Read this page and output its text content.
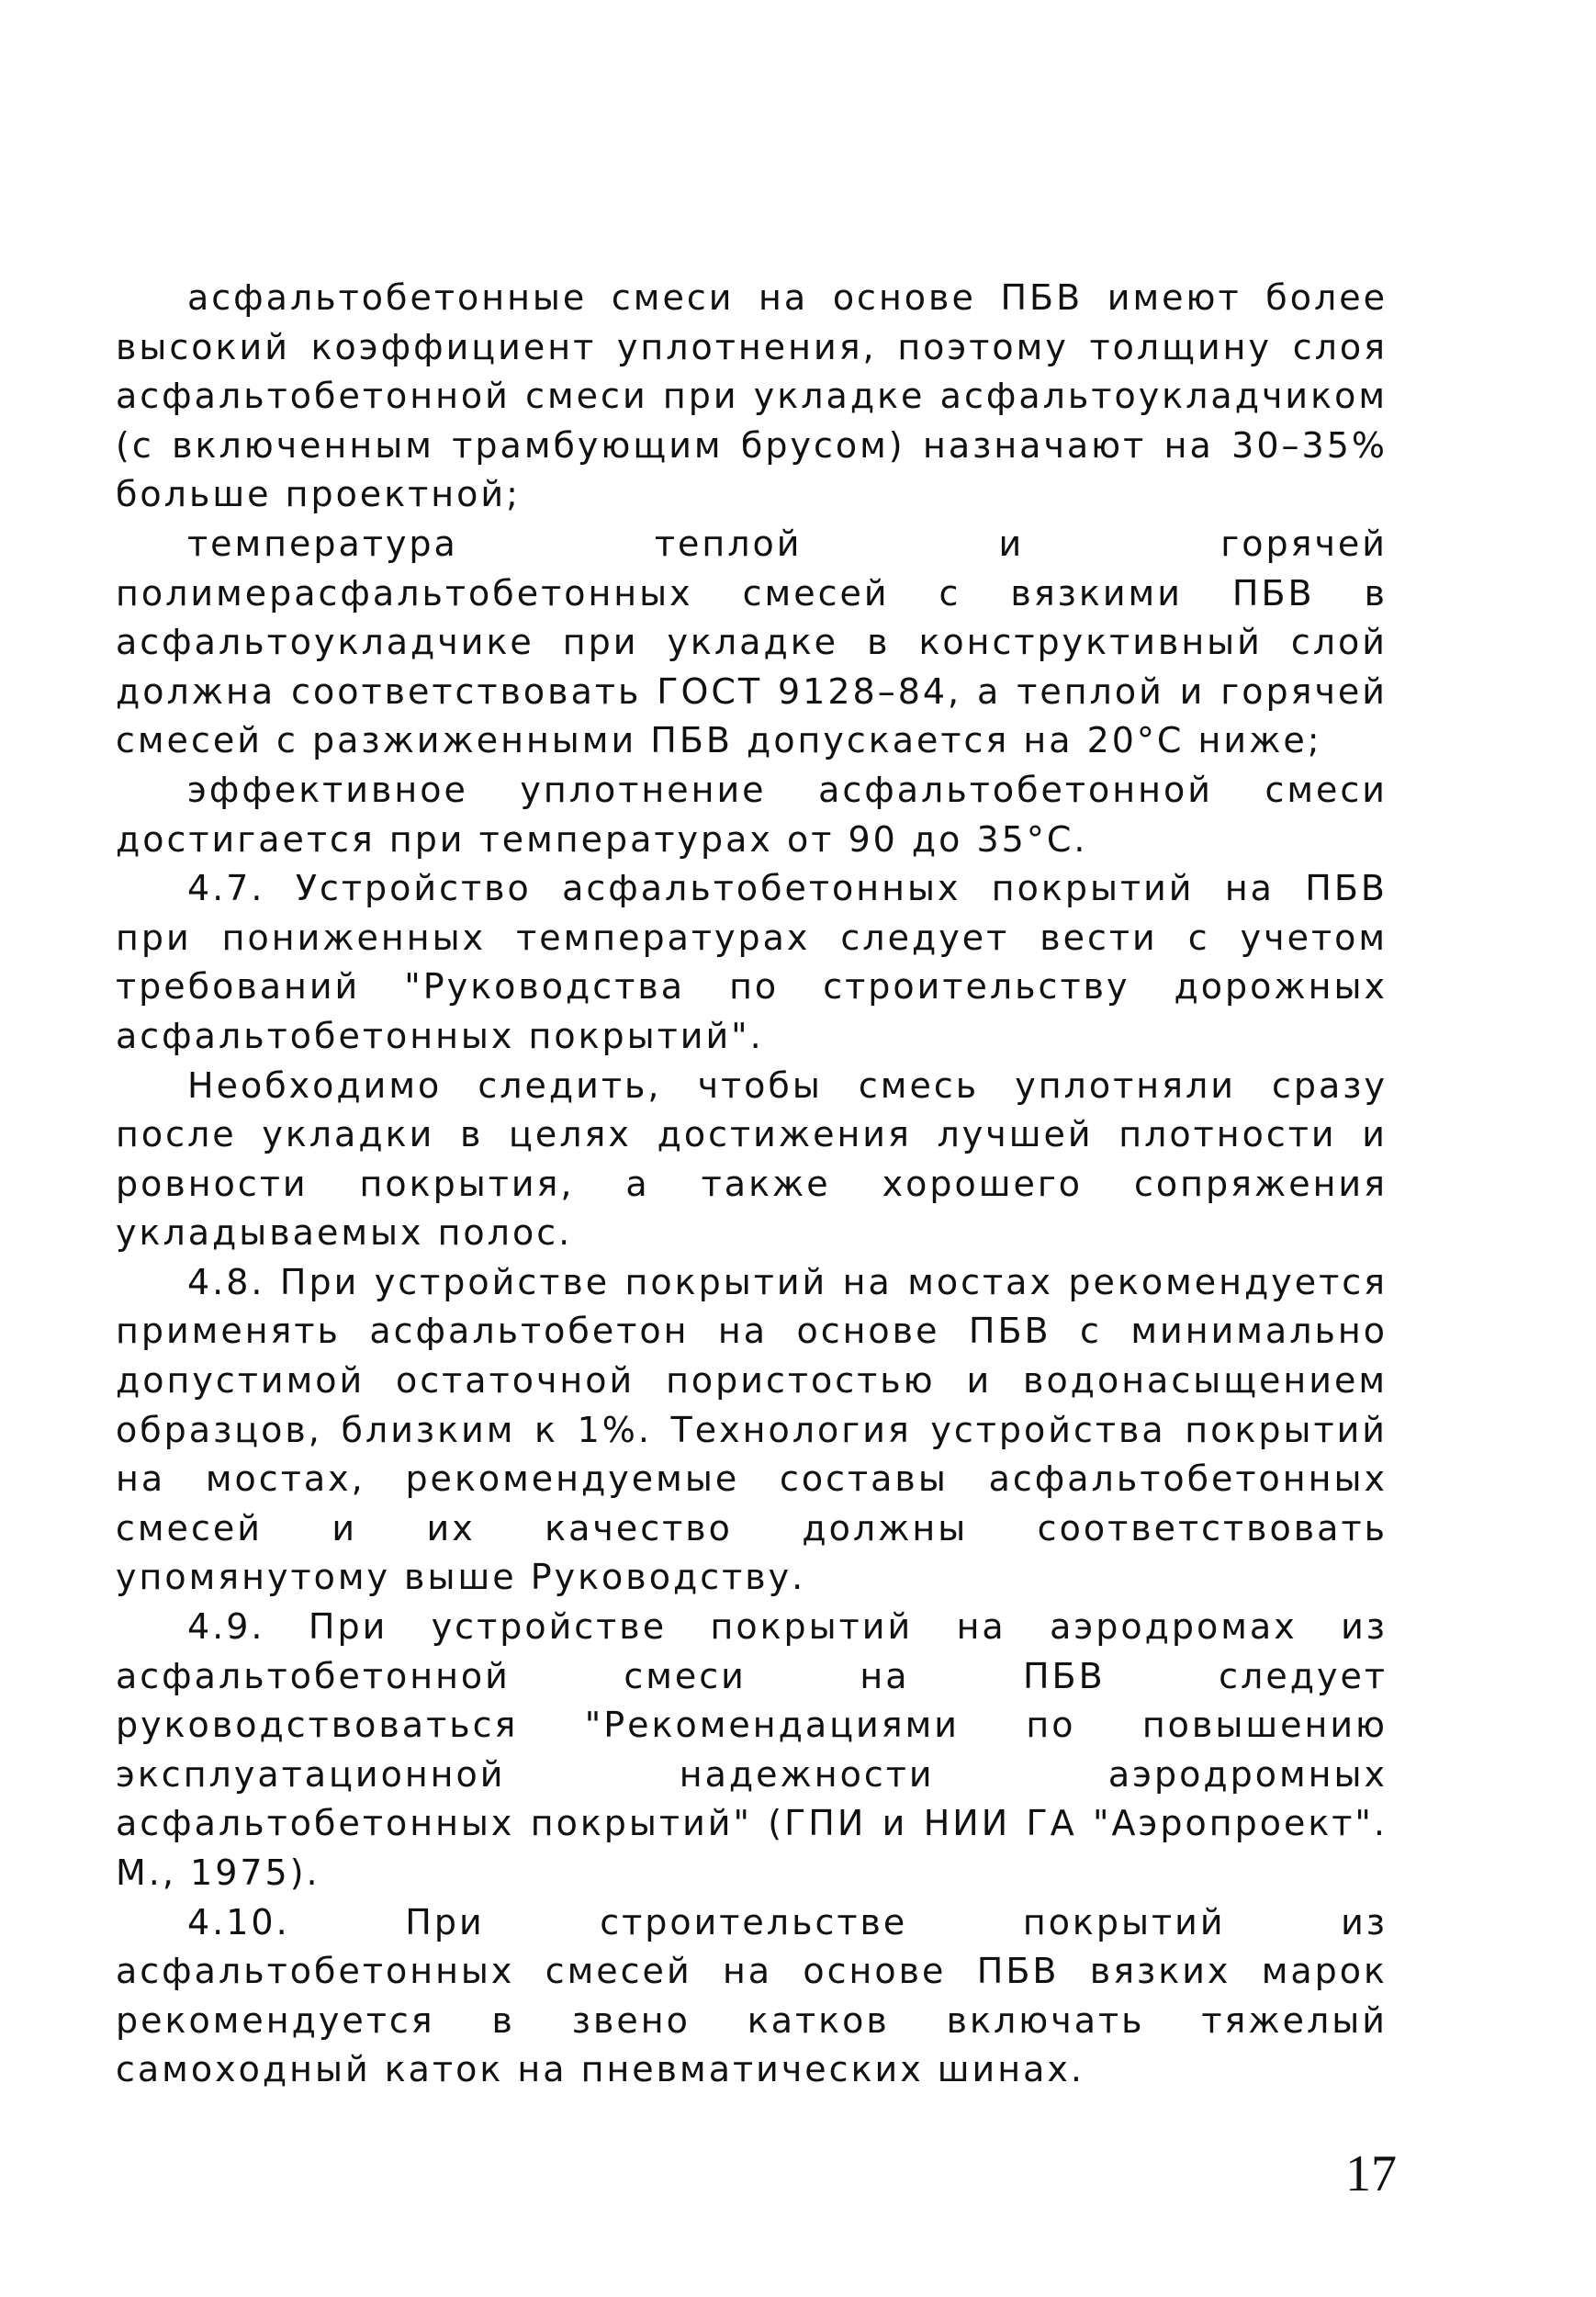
асфальтобетонные смеси на основе ПБВ имеют более высокий коэффициент уплотнения, поэтому толщину слоя асфальтобетонной смеси при укладке асфальтоукладчиком (с включенным трамбующим брусом) назначают на 30–35% больше проектной;

температура теплой и горячей полимерасфальтобетонных смесей с вязкими ПБВ в асфальтоукладчике при укладке в конструктивный слой должна соответствовать ГОСТ 9128–84, а теплой и горячей смесей с разжиженными ПБВ допускается на 20°С ниже;

эффективное уплотнение асфальтобетонной смеси достигается при температурах от 90 до 35°С.

4.7. Устройство асфальтобетонных покрытий на ПБВ при пониженных температурах следует вести с учетом требований "Руководства по строительству дорожных асфальтобетонных покрытий".

Необходимо следить, чтобы смесь уплотняли сразу после укладки в целях достижения лучшей плотности и ровности покрытия, а также хорошего сопряжения укладываемых полос.

4.8. При устройстве покрытий на мостах рекомендуется применять асфальтобетон на основе ПБВ с минимально допустимой остаточной пористостью и водонасыщением образцов, близким к 1%. Технология устройства покрытий на мостах, рекомендуемые составы асфальтобетонных смесей и их качество должны соответствовать упомянутому выше Руководству.

4.9. При устройстве покрытий на аэродромах из асфальтобетонной смеси на ПБВ следует руководствоваться "Рекомендациями по повышению эксплуатационной надежности аэродромных асфальтобетонных покрытий" (ГПИ и НИИ ГА "Аэропроект". М., 1975).

4.10. При строительстве покрытий из асфальтобетонных смесей на основе ПБВ вязких марок рекомендуется в звено катков включать тяжелый самоходный каток на пневматических шинах.

17
